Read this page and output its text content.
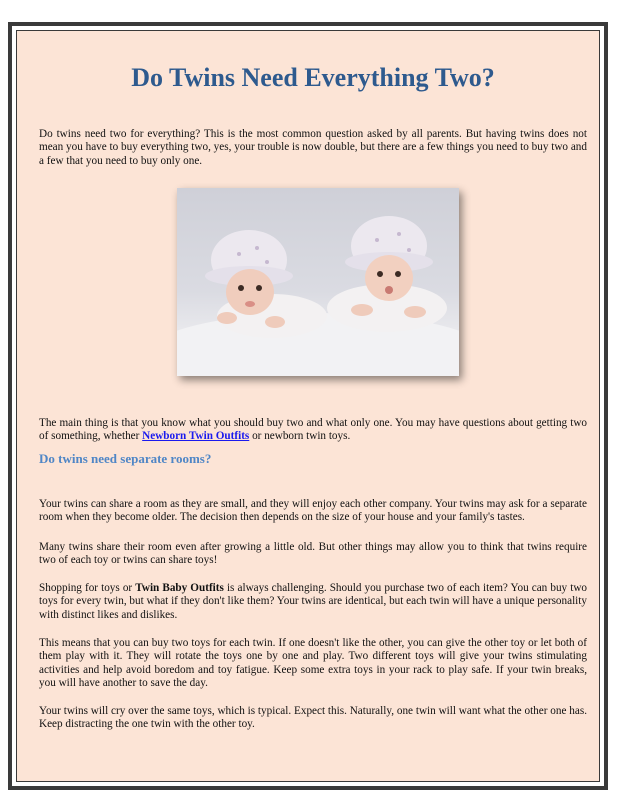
Do Twins Need Everything Two?

Do twins need two for everything? This is the most common question asked by all parents. But having twins does not mean you have to buy everything two, yes, your trouble is now double, but there are a few things you need to buy two and a few that you need to buy only one.

The main thing is that you know what you should buy two and what only one. You may have questions about getting two of something, whether Newborn Twin Outfits or newborn twin toys.

Do twins need separate rooms?

Your twins can share a room as they are small, and they will enjoy each other company. Your twins may ask for a separate room when they become older. The decision then depends on the size of your house and your family's tastes.

Many twins share their room even after growing a little old. But other things may allow you to think that twins require two of each toy or twins can share toys!

Shopping for toys or Twin Baby Outfits is always challenging. Should you purchase two of each item? You can buy two toys for every twin, but what if they don't like them? Your twins are identical, but each twin will have a unique personality with distinct likes and dislikes.

This means that you can buy two toys for each twin. If one doesn't like the other, you can give the other toy or let both of them play with it. They will rotate the toys one by one and play. Two different toys will give your twins stimulating activities and help avoid boredom and toy fatigue. Keep some extra toys in your rack to play safe. If your twin breaks, you will have another to save the day.

Your twins will cry over the same toys, which is typical. Expect this. Naturally, one twin will want what the other one has. Keep distracting the one twin with the other toy.
